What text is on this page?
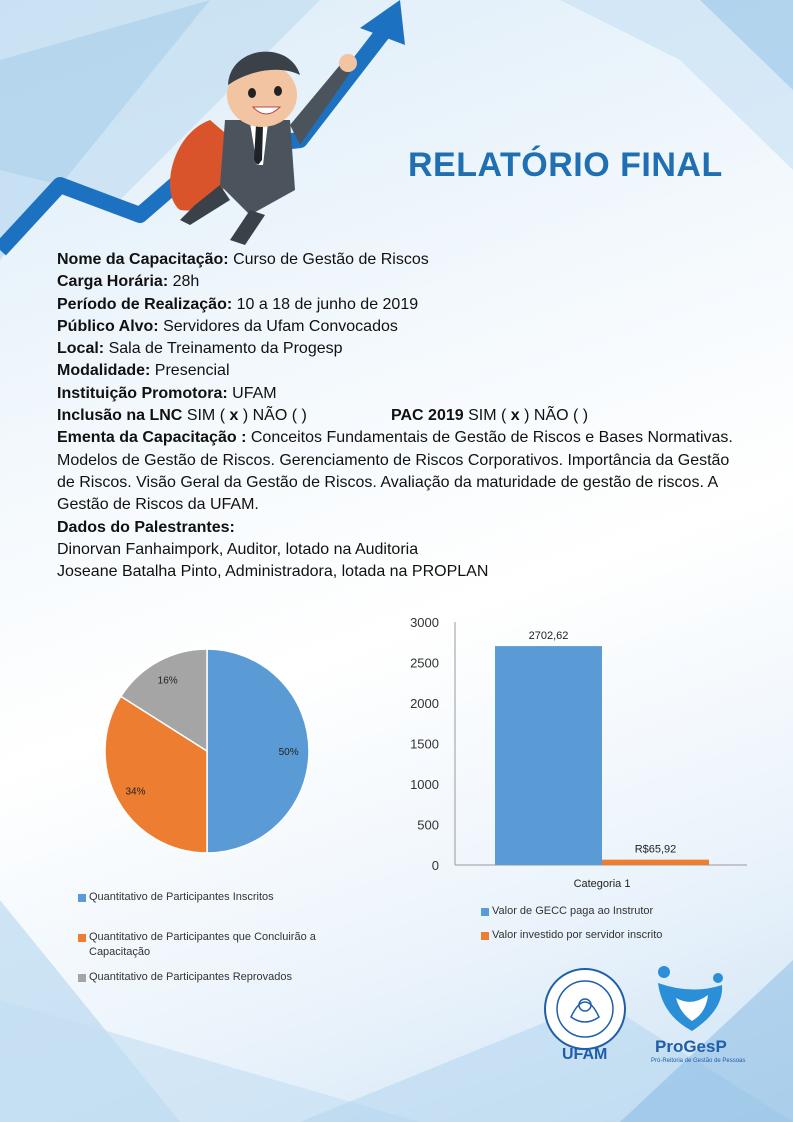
RELATÓRIO FINAL
Nome da Capacitação: Curso de Gestão de Riscos
Carga Horária: 28h
Período de Realização: 10 a 18 de junho de 2019
Público Alvo: Servidores da Ufam Convocados
Local: Sala de Treinamento da Progesp
Modalidade: Presencial
Instituição Promotora: UFAM
Inclusão na LNC SIM ( x ) NÃO ( )	PAC 2019 SIM ( x ) NÃO ( )
Ementa da Capacitação : Conceitos Fundamentais de Gestão de Riscos e Bases Normativas. Modelos de Gestão de Riscos. Gerenciamento de Riscos Corporativos. Importância da Gestão de Riscos. Visão Geral da Gestão de Riscos. Avaliação da maturidade de gestão de riscos. A Gestão de Riscos da UFAM.
Dados do Palestrantes:
Dinorvan Fanhaimpork, Auditor, lotado na Auditoria
Joseane Batalha Pinto, Administradora, lotada na PROPLAN
50%
34%
16%
Quantitativo de Participantes Inscritos
Quantitativo de Participantes que Concluirão a Capacitação
Quantitativo de Participantes Reprovados
0
500
1000
1500
2000
2500
3000
2702,62
R$65,92
Categoria 1
Valor de GECC paga ao Instrutor
Valor investido por servidor inscrito
UFAM	ProGesP
Pró-Reitoria de Gestão de Pessoas
